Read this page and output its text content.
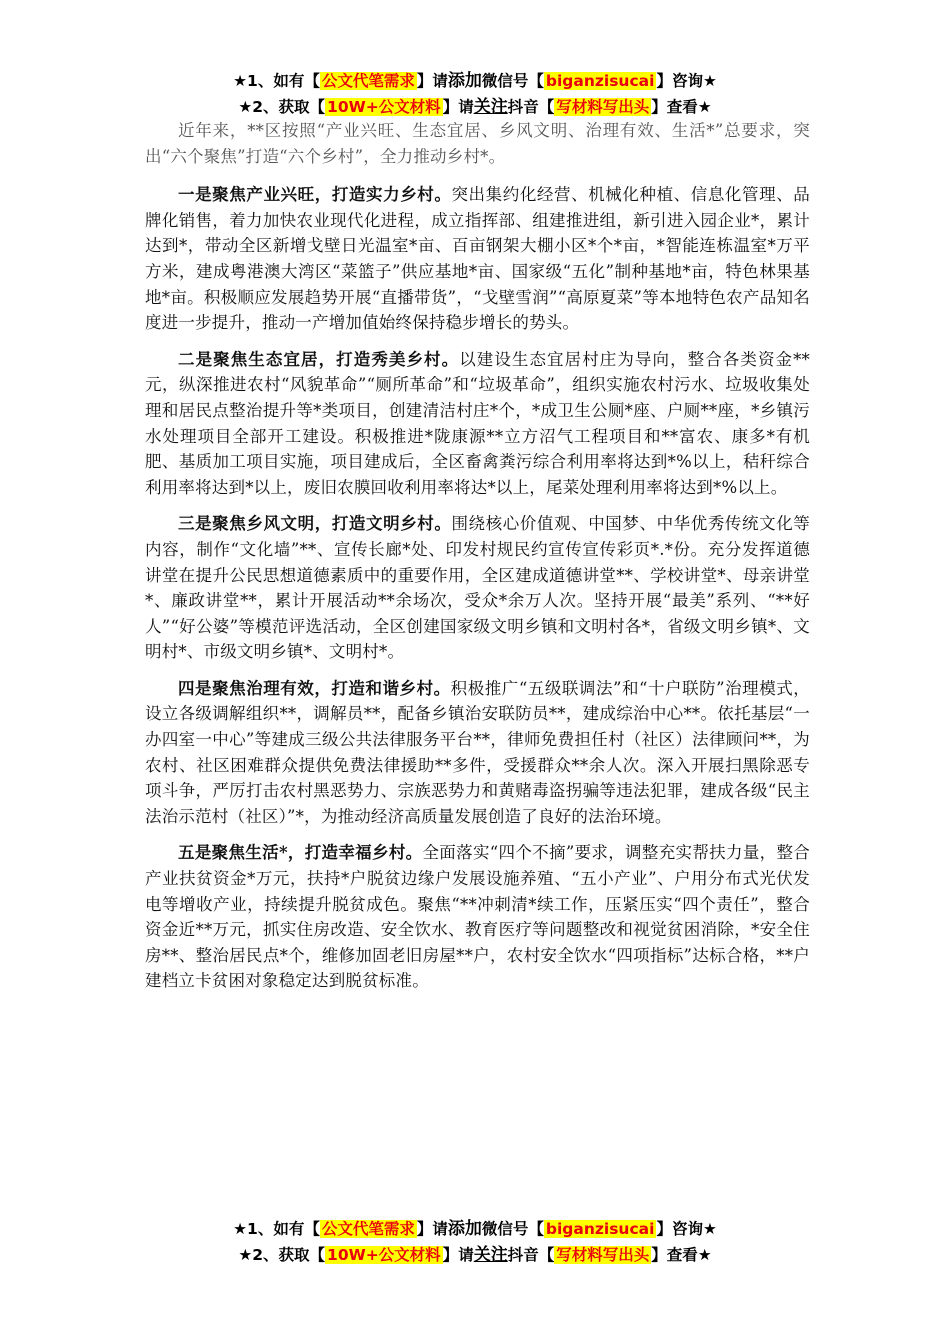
★1、如有【 公文代笔需求 】请添加微信号【 biganzisucai 】咨询★
★2、获取【 10W+公文材料 】请关注抖音【 写材料写出头 】查看★

近年来，**区按照“产业兴旺、生态宜居、乡风文明、治理有效、生活*”总要求，突出“六个聚焦”打造“六个乡村”，全力推动乡村*。

一是聚焦产业兴旺，打造实力乡村。突出集约化经营、机械化种植、信息化管理、品牌化销售，着力加快农业现代化进程，成立指挥部、组建推进组，新引进入园企业*，累计达到*，带动全区新增戈壁日光温室*亩、百亩钢架大棚小区*个*亩，*智能连栋温室*万平方米，建成粤港澳大湾区“菜篮子”供应基地*亩、国家级“五化”制种基地*亩，特色林果基地*亩。积极顺应发展趋势开展“直播带货”，“戈壁雪润”“高原夏菜”等本地特色农产品知名度进一步提升，推动一产增加值始终保持稳步增长的势头。

二是聚焦生态宜居，打造秀美乡村。以建设生态宜居村庄为导向，整合各类资金**元，纵深推进农村“风貌革命”“厕所革命”和“垃圾革命”，组织实施农村污水、垃圾收集处理和居民点整治提升等*类项目，创建清洁村庄*个，*成卫生公厕*座、户厕**座，*乡镇污水处理项目全部开工建设。积极推进*陇康源**立方沼气工程项目和**富农、康多*有机肥、基质加工项目实施，项目建成后，全区畜禽粪污综合利用率将达到*%以上，秸秆综合利用率将达到*以上，废旧农膜回收利用率将达*以上，尾菜处理利用率将达到*%以上。

三是聚焦乡风文明，打造文明乡村。围绕核心价值观、中国梦、中华优秀传统文化等内容，制作“文化墙”**、宣传长廊*处、印发村规民约宣传宣传彩页*.*份。充分发挥道德讲堂在提升公民思想道德素质中的重要作用，全区建成道德讲堂**、学校讲堂*、母亲讲堂*、廉政讲堂**，累计开展活动**余场次，受众*余万人次。坚持开展“最美”系列、“**好人”“好公婆”等模范评选活动，全区创建国家级文明乡镇和文明村各*，省级文明乡镇*、文明村*、市级文明乡镇*、文明村*。

四是聚焦治理有效，打造和谐乡村。积极推广“五级联调法”和“十户联防”治理模式，设立各级调解组织**，调解员**，配备乡镇治安联防员**，建成综治中心**。依托基层“一办四室一中心”等建成三级公共法律服务平台**，律师免费担任村（社区）法律顾问**，为农村、社区困难群众提供免费法律援助**多件，受援群众**余人次。深入开展扫黑除恶专项斗争，严厉打击农村黑恶势力、宗族恶势力和黄赌毒盗拐骗等违法犯罪，建成各级“民主法治示范村（社区）”*，为推动经济高质量发展创造了良好的法治环境。

五是聚焦生活*，打造幸福乡村。全面落实“四个不摘”要求，调整充实帮扶力量，整合产业扶贫资金*万元，扶持*户脱贫边缘户发展设施养殖、“五小产业”、户用分布式光伏发电等增收产业，持续提升脱贫成色。聚焦“**冲刺清*续工作，压紧压实“四个责任”，整合资金近**万元，抓实住房改造、安全饮水、教育医疗等问题整改和视觉贫困消除，*安全住房**、整治居民点*个，维修加固老旧房屋**户，农村安全饮水“四项指标”达标合格，**户建档立卡贫困对象稳定达到脱贫标准。

★1、如有【 公文代笔需求 】请添加微信号【 biganzisucai 】咨询★
★2、获取【 10W+公文材料 】请关注抖音【 写材料写出头 】查看★
